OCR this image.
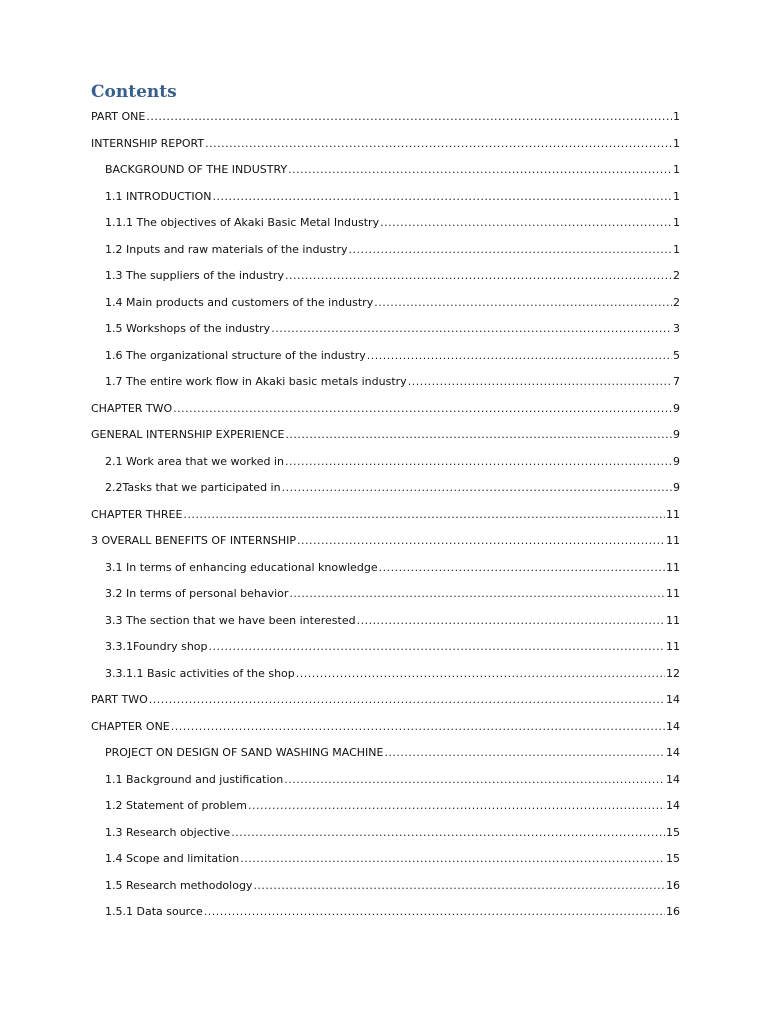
Contents
PART ONE .....	1
INTERNSHIP REPORT .....	1
BACKGROUND OF THE INDUSTRY .....	1
1.1 INTRODUCTION .....	1
1.1.1 The objectives of Akaki Basic Metal Industry .....	1
1.2 Inputs and raw materials of the industry .....	1
1.3 The suppliers of the industry .....	2
1.4 Main products and customers of the industry .....	2
1.5 Workshops of the industry .....	3
1.6 The organizational structure of the industry .....	5
1.7 The entire work flow in Akaki basic metals industry .....	7
CHAPTER TWO .....	9
GENERAL INTERNSHIP EXPERIENCE .....	9
2.1 Work area that we worked in .....	9
2.2Tasks that we participated in .....	9
CHAPTER THREE .....	11
3 OVERALL BENEFITS OF INTERNSHIP .....	11
3.1 In terms of enhancing educational knowledge .....	11
3.2 In terms of personal behavior .....	11
3.3 The section that we have been interested .....	11
3.3.1Foundry shop .....	11
3.3.1.1 Basic activities of the shop .....	12
PART TWO .....	14
CHAPTER ONE .....	14
PROJECT ON DESIGN OF SAND WASHING MACHINE .....	14
1.1 Background and justification .....	14
1.2 Statement of problem .....	14
1.3 Research objective .....	15
1.4 Scope and limitation .....	15
1.5 Research methodology .....	16
1.5.1 Data source .....	16
